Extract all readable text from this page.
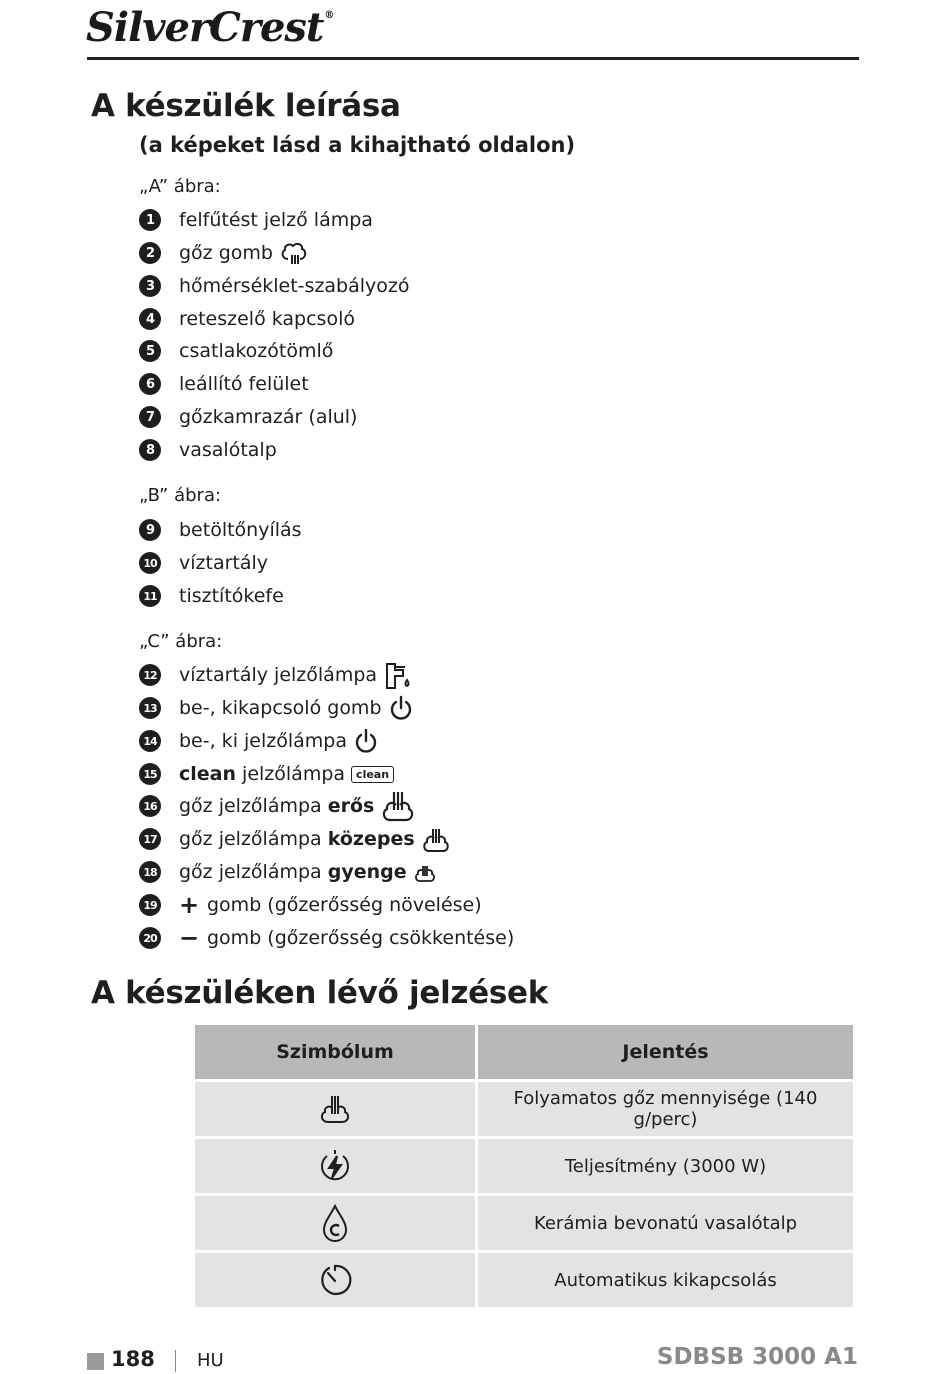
SilverCrest®
A készülék leírása
(a képeket lásd a kihajtható oldalon)
„A” ábra:
1	felfűtést jelző lámpa
2	gőz gomb
3	hőmérséklet-szabályozó
4	reteszelő kapcsoló
5	csatlakozótömlő
6	leállító felület
7	gőzkamrazár (alul)
8	vasalótalp
„B” ábra:
9	betöltőnyílás
10 víztartály
11 tisztítókefe
„C” ábra:
12 víztartály jelzőlámpa
13 be-, kikapcsoló gomb
14 be-, ki jelzőlámpa
15 clean jelzőlámpa	clean
16 gőz jelzőlámpa erős
17 gőz jelzőlámpa közepes
18 gőz jelzőlámpa gyenge
19 + gomb (gőzerősség növelése)
20 − gomb (gőzerősség csökkentése)
A készüléken lévő jelzések
Szimbólum	Jelentés
	Folyamatos gőz mennyisége (140 g/perc)
	Teljesítmény (3000 W)
	Kerámia bevonatú vasalótalp
	Automatikus kikapcsolás
188 HU	SDBSB 3000 A1
